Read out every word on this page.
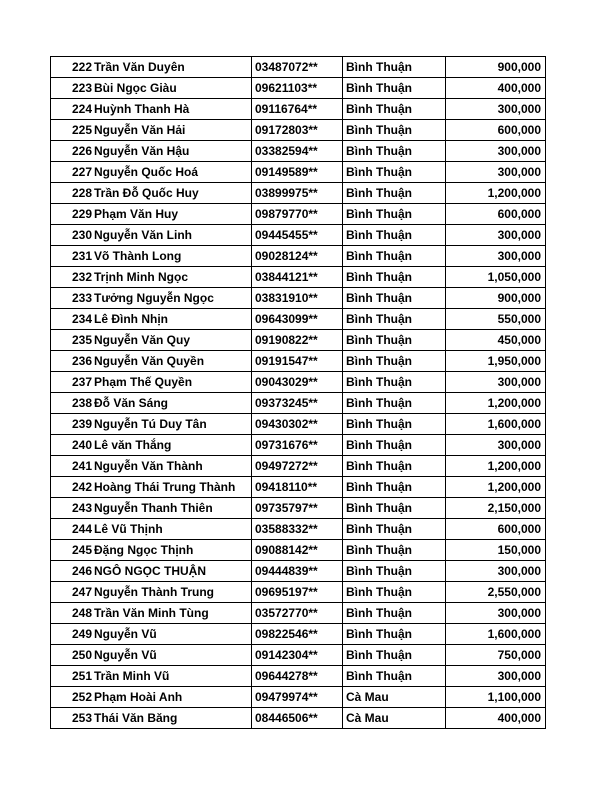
222	Trần Văn Duyên	03487072**	Bình Thuận	900,000
223	Bùi Ngọc Giàu	09621103**	Bình Thuận	400,000
224	Huỳnh Thanh Hà	09116764**	Bình Thuận	300,000
225	Nguyễn Văn Hải	09172803**	Bình Thuận	600,000
226	Nguyễn Văn Hậu	03382594**	Bình Thuận	300,000
227	Nguyễn Quốc Hoá	09149589**	Bình Thuận	300,000
228	Trần Đỗ Quốc Huy	03899975**	Bình Thuận	1,200,000
229	Phạm Văn Huy	09879770**	Bình Thuận	600,000
230	Nguyễn Văn Linh	09445455**	Bình Thuận	300,000
231	Võ Thành Long	09028124**	Bình Thuận	300,000
232	Trịnh Minh Ngọc	03844121**	Bình Thuận	1,050,000
233	Tưởng Nguyễn Ngọc	03831910**	Bình Thuận	900,000
234	Lê Đình Nhịn	09643099**	Bình Thuận	550,000
235	Nguyễn Văn Quy	09190822**	Bình Thuận	450,000
236	Nguyễn Văn Quyền	09191547**	Bình Thuận	1,950,000
237	Phạm Thế Quyền	09043029**	Bình Thuận	300,000
238	Đỗ Văn Sáng	09373245**	Bình Thuận	1,200,000
239	Nguyễn Tú Duy Tân	09430302**	Bình Thuận	1,600,000
240	Lê văn Thắng	09731676**	Bình Thuận	300,000
241	Nguyễn Văn Thành	09497272**	Bình Thuận	1,200,000
242	Hoàng Thái Trung Thành	09418110**	Bình Thuận	1,200,000
243	Nguyễn Thanh Thiên	09735797**	Bình Thuận	2,150,000
244	Lê Vũ Thịnh	03588332**	Bình Thuận	600,000
245	Đặng Ngọc Thịnh	09088142**	Bình Thuận	150,000
246	NGÔ NGỌC THUẬN	09444839**	Bình Thuận	300,000
247	Nguyễn Thành Trung	09695197**	Bình Thuận	2,550,000
248	Trần Văn Minh Tùng	03572770**	Bình Thuận	300,000
249	Nguyễn Vũ	09822546**	Bình Thuận	1,600,000
250	Nguyễn Vũ	09142304**	Bình Thuận	750,000
251	Trần Minh Vũ	09644278**	Bình Thuận	300,000
252	Phạm Hoài Anh	09479974**	Cà Mau	1,100,000
253	Thái Văn Băng	08446506**	Cà Mau	400,000
